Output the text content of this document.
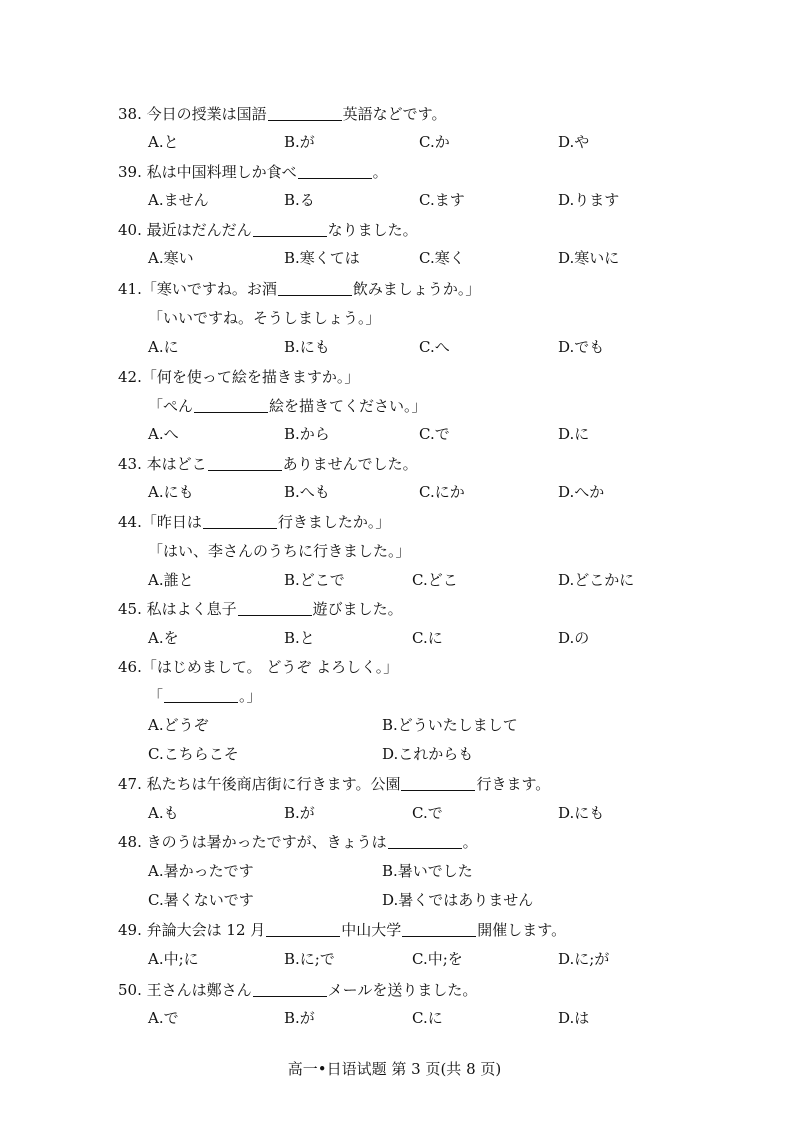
38. 今日の授業は国語	英語などです。
A.と	B.が	C.か	D.や
39. 私は中国料理しか食べ	。
A.ません	B.る	C.ます	D.ります
40. 最近はだんだん	なりました。
A.寒い	B.寒くては	C.寒く	D.寒いに
41.「寒いですね。お酒	飲みましょうか。」
「いいですね。そうしましょう。」
A.に	B.にも	C.へ	D.でも
42.「何を使って絵を描きますか。」
「ぺん	絵を描きてください。」
A.へ	B.から	C.で	D.に
43. 本はどこ	ありませんでした。
A.にも	B.へも	C.にか	D.へか
44.「昨日は	行きましたか。」
「はい、李さんのうちに行きました。」
A.誰と	B.どこで	C.どこ	D.どこかに
45. 私はよく息子	遊びました。
A.を	B.と	C.に	D.の
46.「はじめまして。 どうぞ よろしく。」
「	。」
A.どうぞ	B.どういたしまして
C.こちらこそ	D.これからも
47. 私たちは午後商店街に行きます。公園	行きます。
A.も	B.が	C.で	D.にも
48. きのうは暑かったですが、きょうは	。
A.暑かったです	B.暑いでした
C.暑くないです	D.暑くではありません
49. 弁論大会は 12 月	中山大学	開催します。
A.中;に	B.に;で	C.中;を	D.に;が
50. 王さんは鄭さん	メールを送りました。
A.で	B.が	C.に	D.は
高一•日语试题 第 3 页(共 8 页)
